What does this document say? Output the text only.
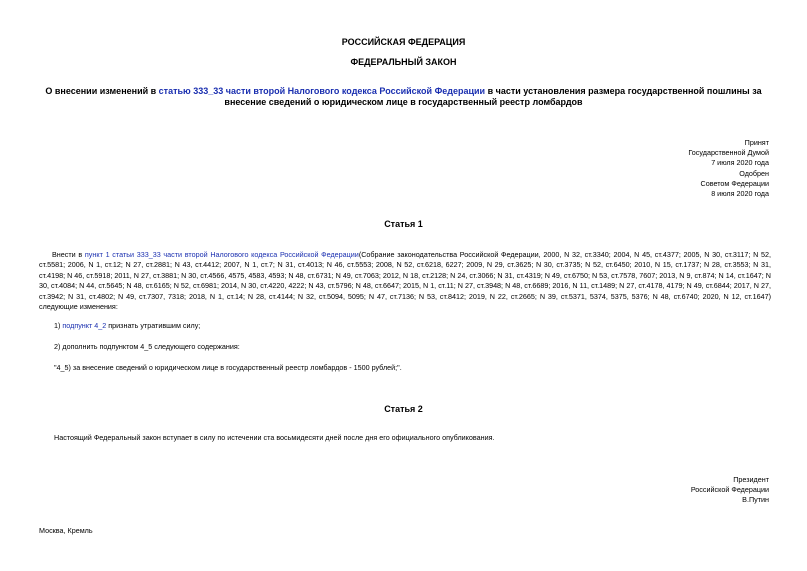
РОССИЙСКАЯ ФЕДЕРАЦИЯ
ФЕДЕРАЛЬНЫЙ ЗАКОН
О внесении изменений в статью 333_33 части второй Налогового кодекса Российской Федерации в части установления размера государственной пошлины за
внесение сведений о юридическом лице в государственный реестр ломбардов
Принят
Государственной Думой
7 июля 2020 года
Одобрен
Советом Федерации
8 июля 2020 года
Статья 1
Внести в пункт 1 статьи 333_33 части второй Налогового кодекса Российской Федерации(Собрание законодательства Российской Федерации, 2000, N 32, ст.3340; 2004, N 45, ст.4377; 2005, N 30, ст.3117; N 52, ст.5581; 2006, N 1, ст.12; N 27, ст.2881; N 43, ст.4412; 2007, N 1, ст.7; N 31, ст.4013; N 46, ст.5553; 2008, N 52, ст.6218, 6227; 2009, N 29, ст.3625; N 30, ст.3735; N 52, ст.6450; 2010, N 15, ст.1737; N 28, ст.3553; N 31, ст.4198; N 46, ст.5918; 2011, N 27, ст.3881; N 30, ст.4566, 4575, 4583, 4593; N 48, ст.6731; N 49, ст.7063; 2012, N 18, ст.2128; N 24, ст.3066; N 31, ст.4319; N 49, ст.6750; N 53, ст.7578, 7607; 2013, N 9, ст.874; N 14, ст.1647; N 30, ст.4084; N 44, ст.5645; N 48, ст.6165; N 52, ст.6981; 2014, N 30, ст.4220, 4222; N 43, ст.5796; N 48, ст.6647; 2015, N 1, ст.11; N 27, ст.3948; N 48, ст.6689; 2016, N 11, ст.1489; N 27, ст.4178, 4179; N 49, ст.6844; 2017, N 27, ст.3942; N 31, ст.4802; N 49, ст.7307, 7318; 2018, N 1, ст.14; N 28, ст.4144; N 32, ст.5094, 5095; N 47, ст.7136; N 53, ст.8412; 2019, N 22, ст.2665; N 39, ст.5371, 5374, 5375, 5376; N 48, ст.6740; 2020, N 12, ст.1647) следующие изменения:
1) подпункт 4_2 признать утратившим силу;
2) дополнить подпунктом 4_5 следующего содержания:
"4_5) за внесение сведений о юридическом лице в государственный реестр ломбардов - 1500 рублей;".
Статья 2
Настоящий Федеральный закон вступает в силу по истечении ста восьмидесяти дней после дня его официального опубликования.
Президент
Российской Федерации
В.Путин
Москва, Кремль
